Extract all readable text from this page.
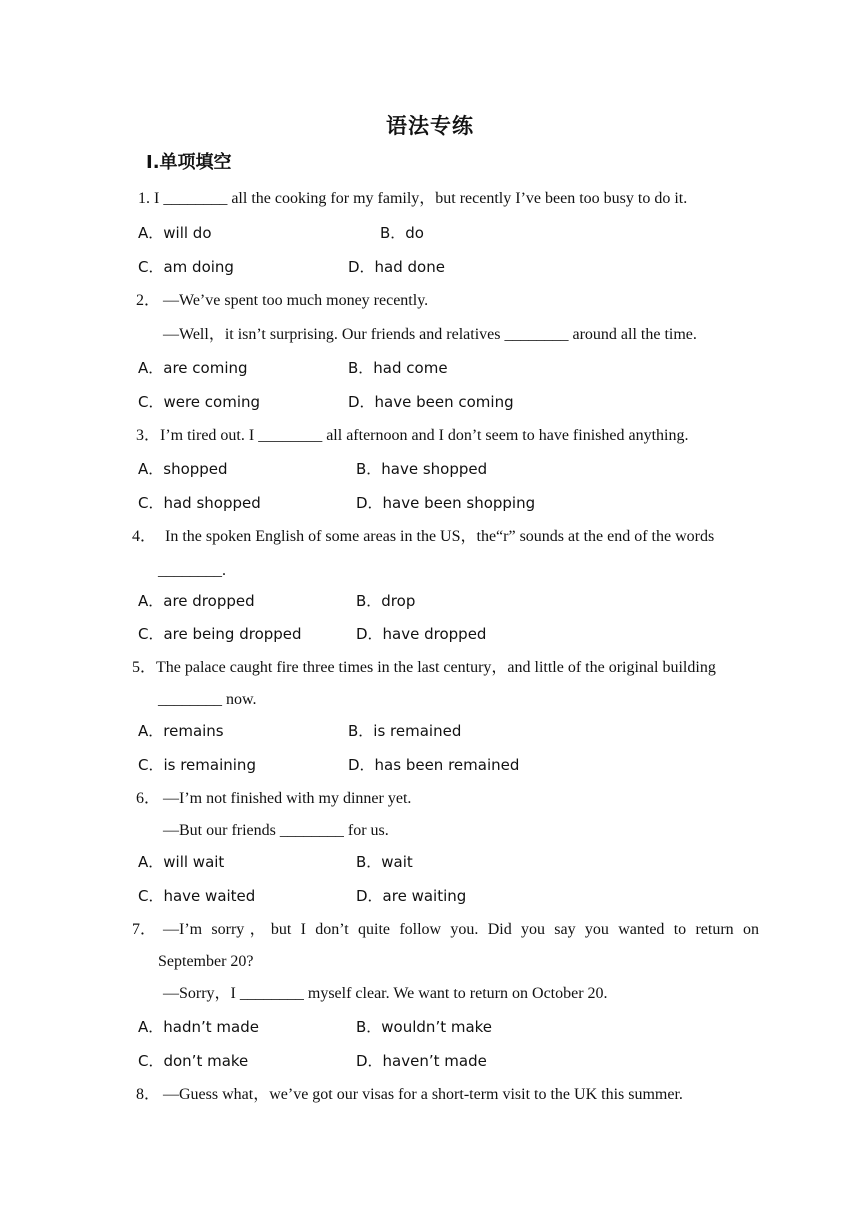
语法专练
Ⅰ.单项填空
1. I ________ all the cooking for my family，but recently I’ve been too busy to do it.
A．will do	B．do
C．am doing	D．had done
2． —We’ve spent too much money recently.
—Well，it isn’t surprising. Our friends and relatives ________ around all the time.
A．are coming	B．had come
C．were coming	D．have been coming
3．I’m tired out. I ________ all afternoon and I don’t seem to have finished anything.
A．shopped	B．have shopped
C．had shopped	D．have been shopping
4． In the spoken English of some areas in the US，the“r” sounds at the end of the words
________.
A．are dropped	B．drop
C．are being dropped	D．have dropped
5．The palace caught fire three times in the last century，and little of the original building
________ now.
A．remains	B．is remained
C．is remaining	D．has been remained
6． —I’m not finished with my dinner yet.
—But our friends ________ for us.
A．will wait	B．wait
C．have waited	D．are waiting
7． —I’m sorry，but I don’t quite follow you. Did you say you wanted to return on
September 20?
—Sorry，I ________ myself clear. We want to return on October 20.
A．hadn’t made	B．wouldn’t make
C．don’t make	D．haven’t made
8． —Guess what，we’ve got our visas for a short-term visit to the UK this summer.
